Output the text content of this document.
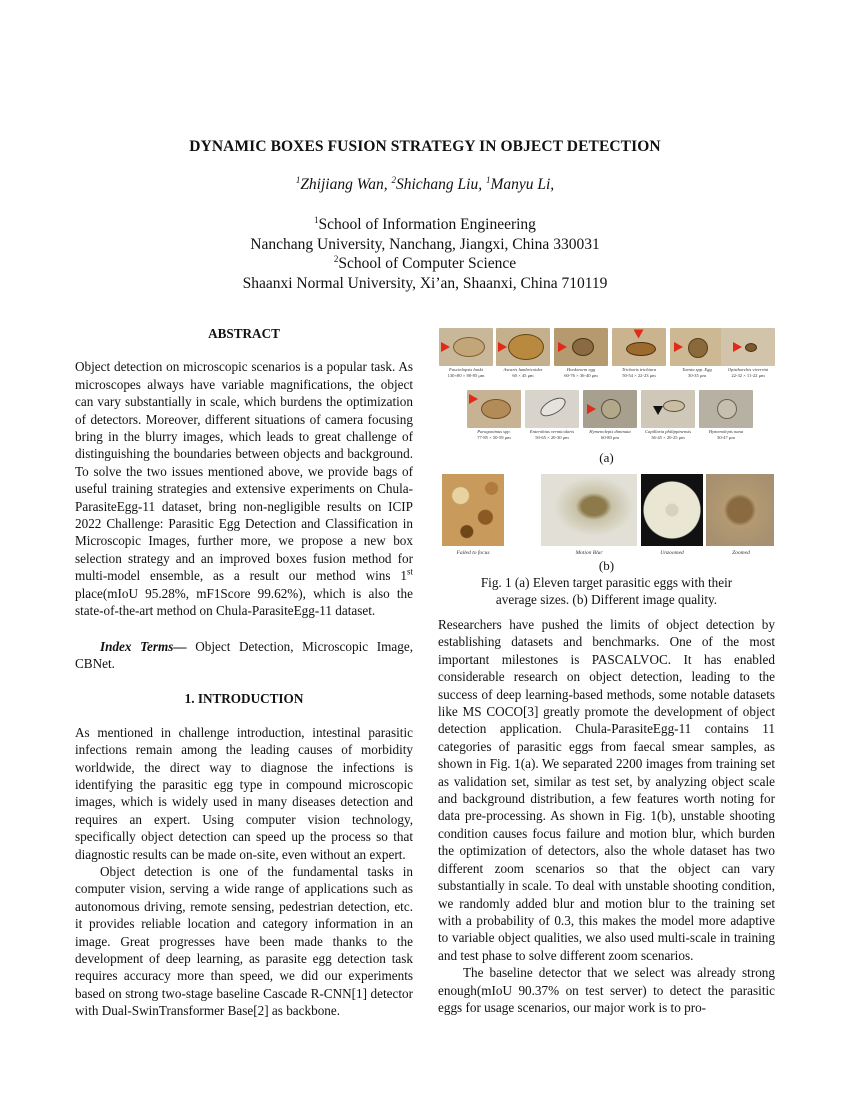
DYNAMIC BOXES FUSION STRATEGY IN OBJECT DETECTION
$^1$Zhijiang Wan, $^2$Shichang Liu, $^1$Manyu Li,
$^1$School of Information Engineering
Nanchang University, Nanchang, Jiangxi, China 330031
$^2$School of Computer Science
Shaanxi Normal University, Xi’an, Shaanxi, China 710119
ABSTRACT

Object detection on microscopic scenarios is a popular task. As microscopes always have variable magnifications, the object can vary substantially in scale, which burdens the optimization of detectors. Moreover, different situations of camera focusing bring in the blurry images, which leads to great challenge of distinguishing the boundaries between objects and background. To solve the two issues mentioned above, we provide bags of useful training strategies and extensive experiments on Chula-ParasiteEgg-11 dataset, bring non-negligible results on ICIP 2022 Challenge: Parasitic Egg Detection and Classification in Microscopic Images, further more, we propose a new box selection strategy and an improved boxes fusion method for multi-model ensemble, as a result our method wins 1st place(mIoU 95.28%, mF1Score 99.62%), which is also the state-of-the-art method on Chula-ParasiteEgg-11 dataset.

Index Terms— Object Detection, Microscopic Image, CBNet.

1. INTRODUCTION

As mentioned in challenge introduction, intestinal parasitic infections remain among the leading causes of morbidity worldwide, the direct way to diagnose the infections is identifying the parasitic egg type in compound microscopic images, which is widely used in many diseases detection and requires an expert. Using computer vision technology, specifically object detection can speed up the process so that diagnostic results can be made on-site, even without an expert.

Object detection is one of the fundamental tasks in computer vision, serving a wide range of applications such as autonomous driving, remote sensing, pedestrian detection, etc. it provides reliable location and category information in an image. Great progresses have been made thanks to the development of deep learning, as parasite egg detection task requires accuracy more than speed, we did our experiments based on strong two-stage baseline Cascade R-CNN[1] detector with Dual-SwinTransformer Base[2] as backbone.

Fasciolopsis buski
130×80 × 80-85 μm
Ascaris lumbricoides
60 × 45 μm
Hookworm egg
60-76 × 36-40 μm
Trichuris trichiura
50-54 × 22-23 μm
Taenia spp. Egg
30-35 μm
Opisthorchis viverrini
22-32 × 11-22 μm
Paragonimus spp.
77-85 × 50-59 μm
Enterobius vermicularis
50-65 × 20-30 μm
Hymenolepis diminuta
60-80 μm
Capillaria philippinensis
36-45 × 20-25 μm
Hymenolepis nana
30-47 μm
(a)
Failed to focus	Motion Blur	Unzoomed	Zoomed
(b)
Fig. 1 (a) Eleven target parasitic eggs with their
average sizes. (b) Different image quality.

Researchers have pushed the limits of object detection by establishing datasets and benchmarks. One of the most important milestones is PASCALVOC. It has enabled considerable research on object detection, leading to the success of deep learning-based methods, some notable datasets like MS COCO[3] greatly promote the development of object detection application. Chula-ParasiteEgg-11 contains 11 categories of parasitic eggs from faecal smear samples, as shown in Fig. 1(a). We separated 2200 images from training set as validation set, similar as test set, by analyzing object scale and background distribution, a few features worth noting for data pre-processing. As shown in Fig. 1(b), unstable shooting condition causes focus failure and motion blur, which burden the optimization of detectors, also the whole dataset has two different zoom scenarios so that the object can vary substantially in scale. To deal with unstable shooting condition, we randomly added blur and motion blur to the training set with a probability of 0.3, this makes the model more adaptive to variable object qualities, we also used multi-scale in training and test phase to solve different zoom scenarios.

The baseline detector that we select was already strong enough(mIoU 90.37% on test server) to detect the parasitic eggs for usage scenarios, our major work is to pro-
